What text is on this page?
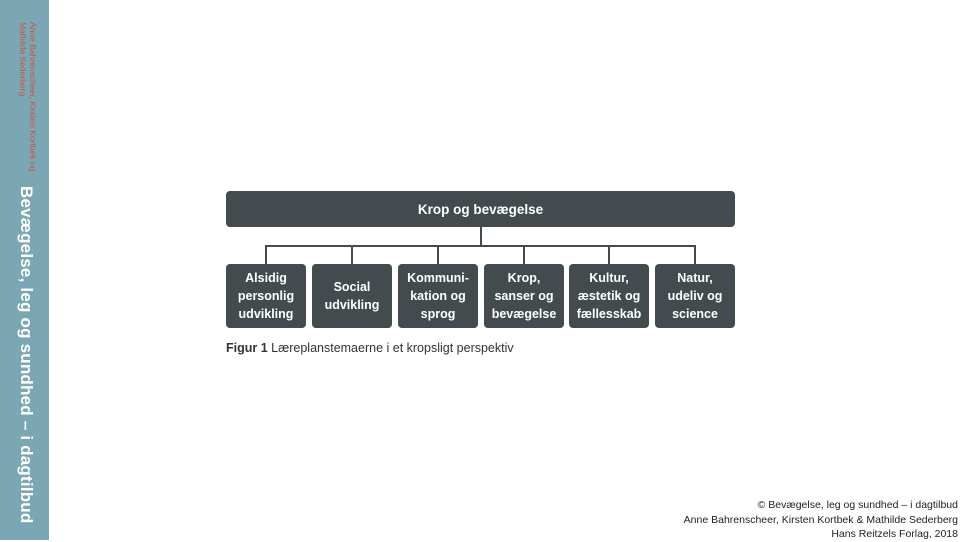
Anne Bahrenscheer, Kirsten Kortbek og Mathilde Sederberg
Bevægelse, leg og sundhed – i dagtilbud	Krop og bevægelse
Alsidig
personlig
udvikling
Social
udvikling
Kommuni-
kation og
sprog
Krop,
sanser og
bevægelse
Kultur,
æstetik og
fællesskab
Natur,
udeliv og
science
Figur 1 Læreplanstemaerne i et kropsligt perspektiv
© Bevægelse, leg og sundhed – i dagtilbud
Anne Bahrenscheer, Kirsten Kortbek & Mathilde Sederberg
Hans Reitzels Forlag, 2018
